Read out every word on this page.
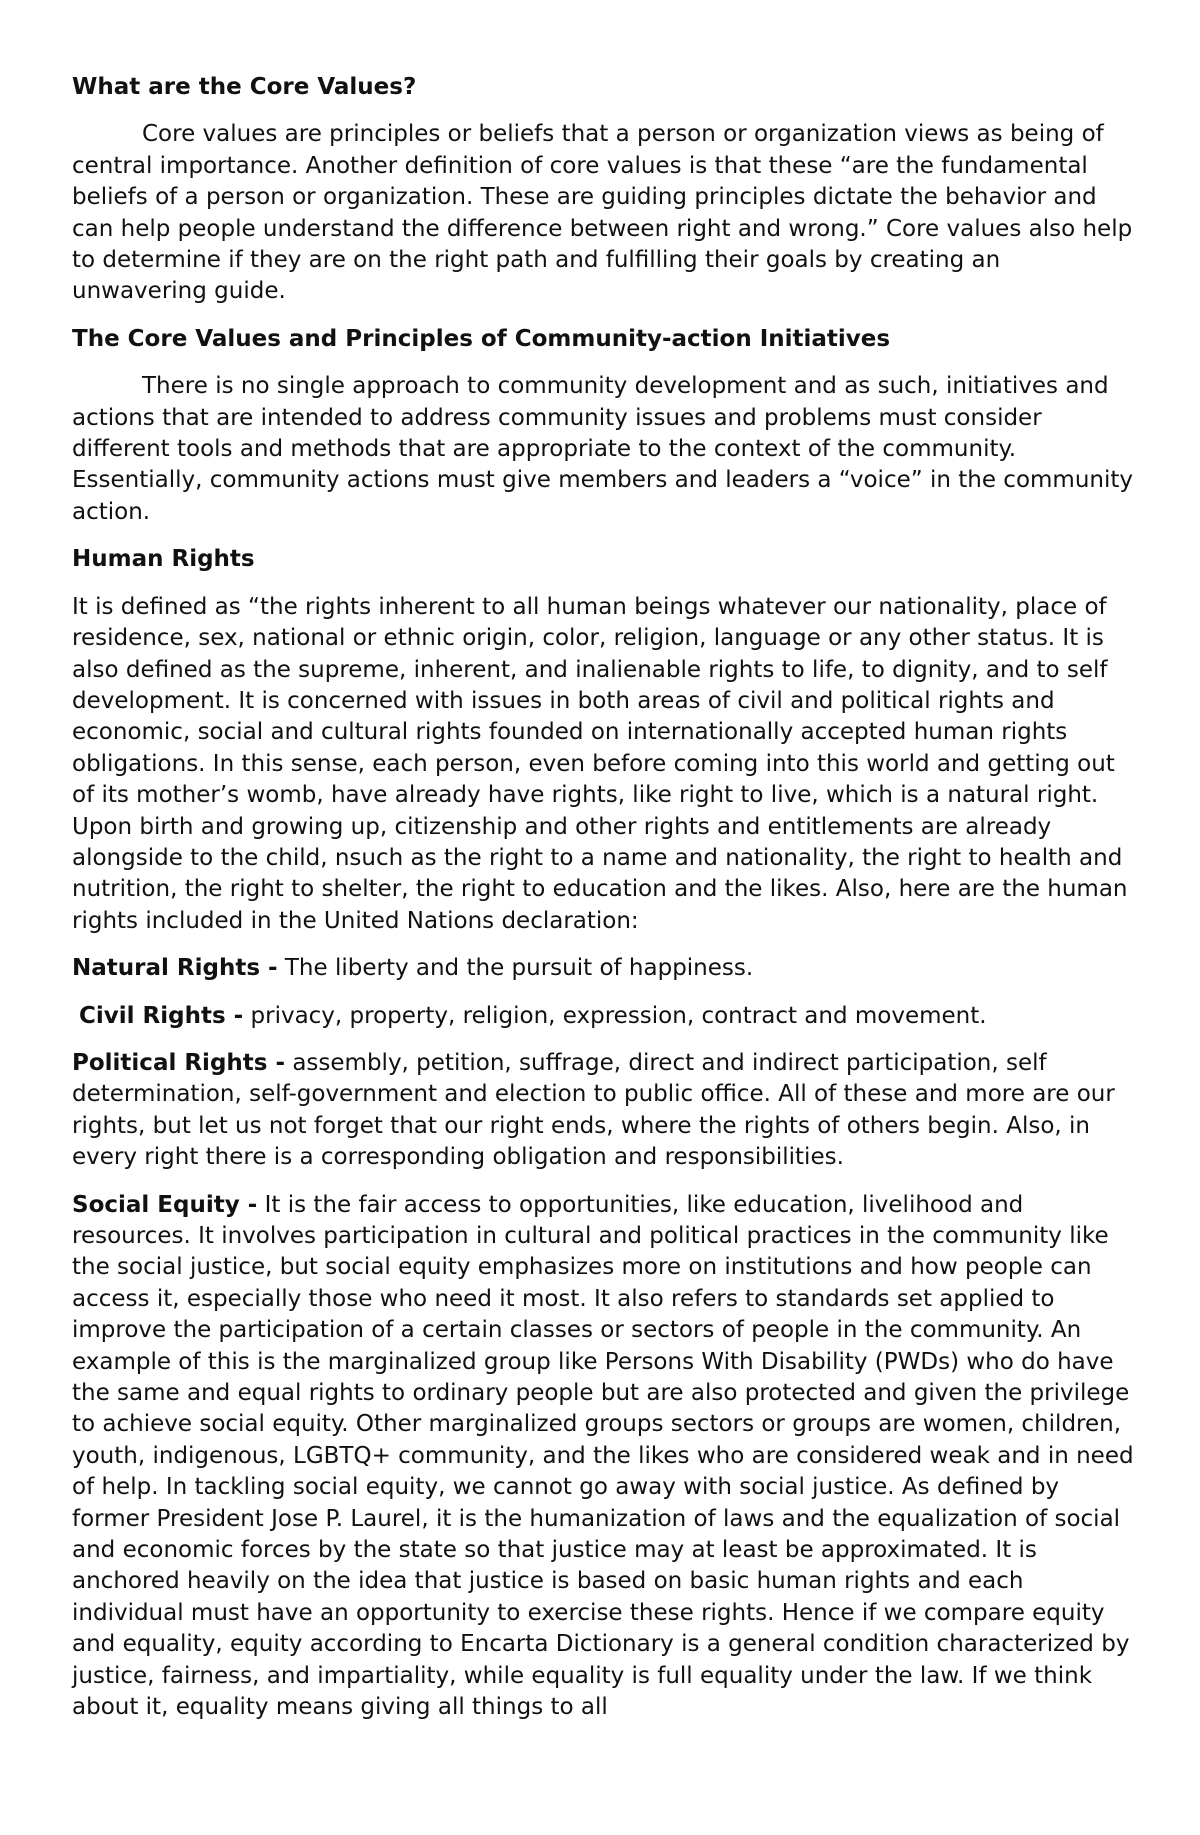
What are the Core Values?

Core values are principles or beliefs that a person or organization views as being of central importance. Another definition of core values is that these “are the fundamental beliefs of a person or organization. These are guiding principles dictate the behavior and can help people understand the difference between right and wrong.” Core values also help to determine if they are on the right path and fulfilling their goals by creating an unwavering guide.

The Core Values and Principles of Community-action Initiatives

There is no single approach to community development and as such, initiatives and actions that are intended to address community issues and problems must consider different tools and methods that are appropriate to the context of the community. Essentially, community actions must give members and leaders a “voice” in the community action.

Human Rights

It is defined as “the rights inherent to all human beings whatever our nationality, place of residence, sex, national or ethnic origin, color, religion, language or any other status. It is also defined as the supreme, inherent, and inalienable rights to life, to dignity, and to self development. It is concerned with issues in both areas of civil and political rights and economic, social and cultural rights founded on internationally accepted human rights obligations. In this sense, each person, even before coming into this world and getting out of its mother’s womb, have already have rights, like right to live, which is a natural right. Upon birth and growing up, citizenship and other rights and entitlements are already alongside to the child, nsuch as the right to a name and nationality, the right to health and nutrition, the right to shelter, the right to education and the likes. Also, here are the human rights included in the United Nations declaration:

Natural Rights - The liberty and the pursuit of happiness.

Civil Rights - privacy, property, religion, expression, contract and movement.

Political Rights - assembly, petition, suffrage, direct and indirect participation, self determination, self-government and election to public office. All of these and more are our rights, but let us not forget that our right ends, where the rights of others begin. Also, in every right there is a corresponding obligation and responsibilities.

Social Equity - It is the fair access to opportunities, like education, livelihood and resources. It involves participation in cultural and political practices in the community like the social justice, but social equity emphasizes more on institutions and how people can access it, especially those who need it most. It also refers to standards set applied to improve the participation of a certain classes or sectors of people in the community. An example of this is the marginalized group like Persons With Disability (PWDs) who do have the same and equal rights to ordinary people but are also protected and given the privilege to achieve social equity. Other marginalized groups sectors or groups are women, children, youth, indigenous, LGBTQ+ community, and the likes who are considered weak and in need of help. In tackling social equity, we cannot go away with social justice. As defined by former President Jose P. Laurel, it is the humanization of laws and the equalization of social and economic forces by the state so that justice may at least be approximated. It is anchored heavily on the idea that justice is based on basic human rights and each individual must have an opportunity to exercise these rights. Hence if we compare equity and equality, equity according to Encarta Dictionary is a general condition characterized by justice, fairness, and impartiality, while equality is full equality under the law. If we think about it, equality means giving all things to all
